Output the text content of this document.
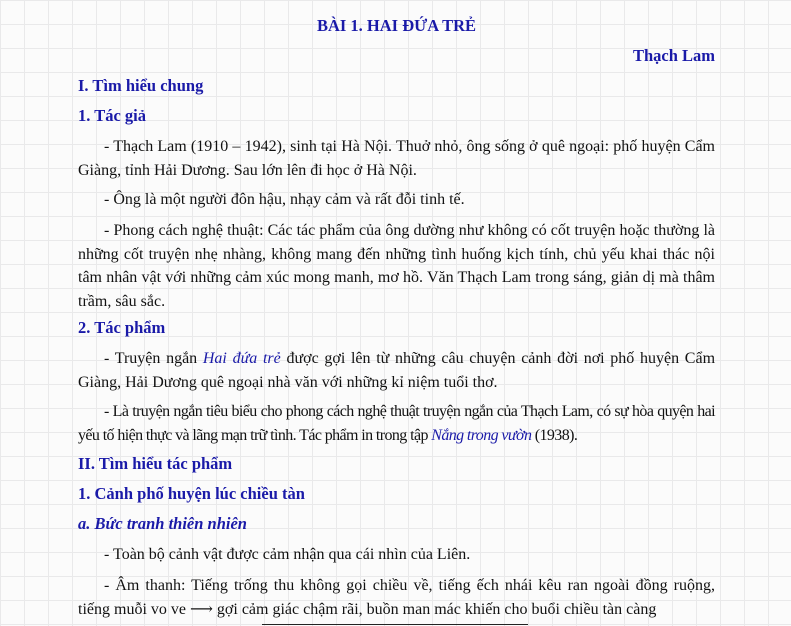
BÀI 1. HAI ĐỨA TRẺ
Thạch Lam
I. Tìm hiểu chung
1. Tác giả
- Thạch Lam (1910 – 1942), sinh tại Hà Nội. Thuở nhỏ, ông sống ở quê ngoại: phố huyện Cẩm Giàng, tỉnh Hải Dương. Sau lớn lên đi học ở Hà Nội.
- Ông là một người đôn hậu, nhạy cảm và rất đỗi tinh tế.
- Phong cách nghệ thuật: Các tác phẩm của ông dường như không có cốt truyện hoặc thường là những cốt truyện nhẹ nhàng, không mang đến những tình huống kịch tính, chủ yếu khai thác nội tâm nhân vật với những cảm xúc mong manh, mơ hồ. Văn Thạch Lam trong sáng, giản dị mà thâm trầm, sâu sắc.
2. Tác phẩm
- Truyện ngắn Hai đứa trẻ được gợi lên từ những câu chuyện cảnh đời nơi phố huyện Cẩm Giàng, Hải Dương quê ngoại nhà văn với những kỉ niệm tuổi thơ.
- Là truyện ngắn tiêu biểu cho phong cách nghệ thuật truyện ngắn của Thạch Lam, có sự hòa quyện hai yếu tố hiện thực và lãng mạn trữ tình. Tác phẩm in trong tập Nắng trong vườn (1938).
II. Tìm hiểu tác phẩm
1. Cảnh phố huyện lúc chiều tàn
a. Bức tranh thiên nhiên
- Toàn bộ cảnh vật được cảm nhận qua cái nhìn của Liên.
- Âm thanh: Tiếng trống thu không gọi chiều về, tiếng ếch nhái kêu ran ngoài đồng ruộng, tiếng muỗi vo ve ⟶ gợi cảm giác chậm rãi, buồn man mác khiến cho buổi chiều tàn càng
